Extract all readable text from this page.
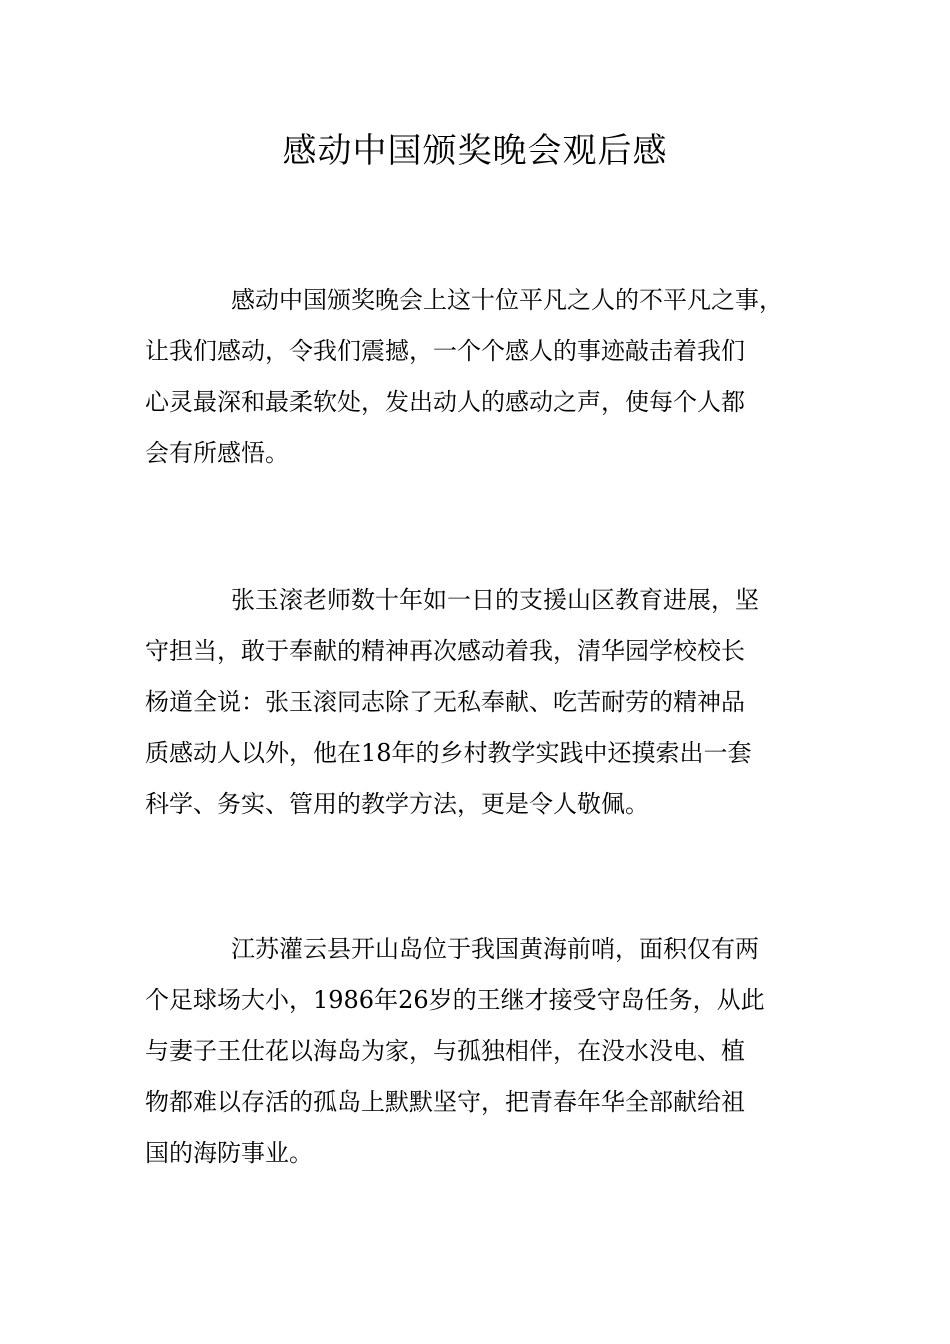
感动中国颁奖晚会观后感
感动中国颁奖晚会上这十位平凡之人的不平凡之事，
让我们感动，令我们震撼，一个个感人的事迹敲击着我们
心灵最深和最柔软处，发出动人的感动之声，使每个人都
会有所感悟。
张玉滚老师数十年如一日的支援山区教育进展，坚
守担当，敢于奉献的精神再次感动着我，清华园学校校长
杨道全说：张玉滚同志除了无私奉献、吃苦耐劳的精神品
质感动人以外，他在18年的乡村教学实践中还摸索出一套
科学、务实、管用的教学方法，更是令人敬佩。
江苏灌云县开山岛位于我国黄海前哨，面积仅有两
个足球场大小，1986年26岁的王继才接受守岛任务，从此
与妻子王仕花以海岛为家，与孤独相伴，在没水没电、植
物都难以存活的孤岛上默默坚守，把青春年华全部献给祖
国的海防事业。
